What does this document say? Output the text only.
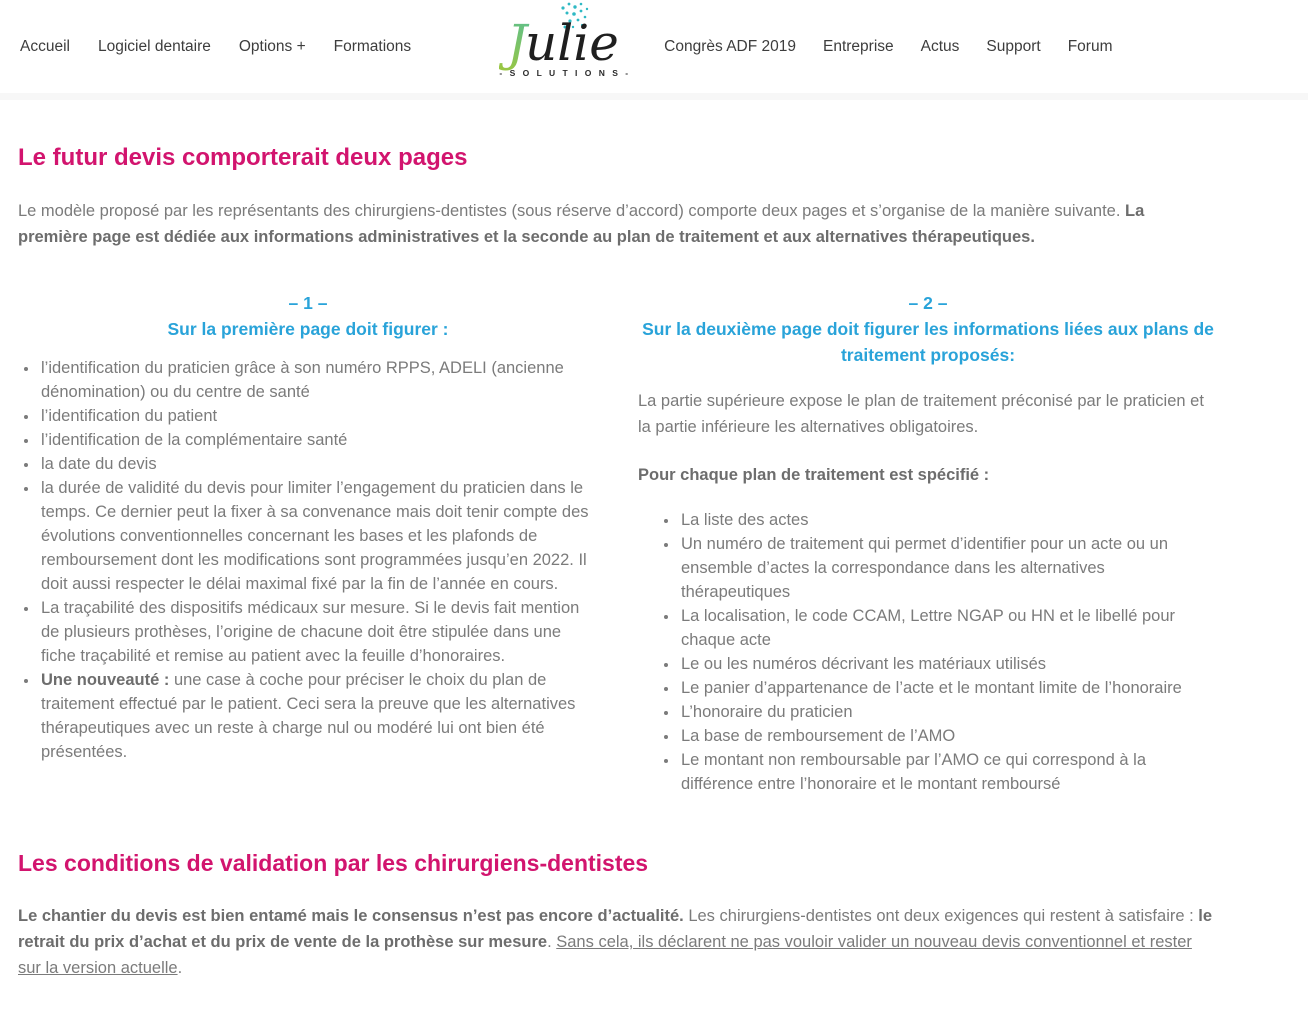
Accueil Logiciel dentaire Options + Formations Julie
- S O L U T I O N S -
Congrès ADF 2019 Entreprise Actus Support Forum
Le futur devis comporterait deux pages

Le modèle proposé par les représentants des chirurgiens-dentistes (sous réserve d’accord) comporte deux pages et s’organise de la manière suivante. La première page est dédiée aux informations administratives et la seconde au plan de traitement et aux alternatives thérapeutiques.

– 1 –
Sur la première page doit figurer :
• l’identification du praticien grâce à son numéro RPPS, ADELI (ancienne dénomination) ou du centre de santé
• l’identification du patient
• l’identification de la complémentaire santé
• la date du devis
• la durée de validité du devis pour limiter l’engagement du praticien dans le temps. Ce dernier peut la fixer à sa convenance mais doit tenir compte des évolutions conventionnelles concernant les bases et les plafonds de remboursement dont les modifications sont programmées jusqu’en 2022. Il doit aussi respecter le délai maximal fixé par la fin de l’année en cours.
• La traçabilité des dispositifs médicaux sur mesure. Si le devis fait mention de plusieurs prothèses, l’origine de chacune doit être stipulée dans une fiche traçabilité et remise au patient avec la feuille d’honoraires.
• Une nouveauté : une case à coche pour préciser le choix du plan de traitement effectué par le patient. Ceci sera la preuve que les alternatives thérapeutiques avec un reste à charge nul ou modéré lui ont bien été présentées.
– 2 –
Sur la deuxième page doit figurer les informations liées aux plans de traitement proposés:

La partie supérieure expose le plan de traitement préconisé par le praticien et la partie inférieure les alternatives obligatoires.

Pour chaque plan de traitement est spécifié :

• La liste des actes
• Un numéro de traitement qui permet d’identifier pour un acte ou un ensemble d’actes la correspondance dans les alternatives thérapeutiques
• La localisation, le code CCAM, Lettre NGAP ou HN et le libellé pour chaque acte
• Le ou les numéros décrivant les matériaux utilisés
• Le panier d’appartenance de l’acte et le montant limite de l’honoraire
• L’honoraire du praticien
• La base de remboursement de l’AMO
• Le montant non remboursable par l’AMO ce qui correspond à la différence entre l’honoraire et le montant remboursé
Les conditions de validation par les chirurgiens-dentistes

Le chantier du devis est bien entamé mais le consensus n’est pas encore d’actualité. Les chirurgiens-dentistes ont deux exigences qui restent à satisfaire : le retrait du prix d’achat et du prix de vente de la prothèse sur mesure. Sans cela, ils déclarent ne pas vouloir valider un nouveau devis conventionnel et rester sur la version actuelle.
